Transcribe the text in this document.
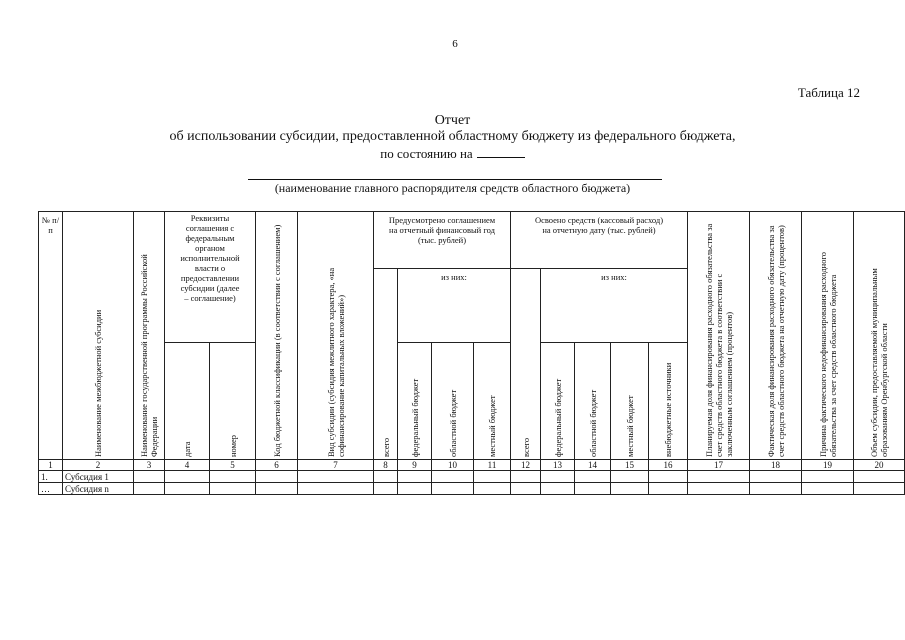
6
Таблица 12
Отчет
об использовании субсидии, предоставленной областному бюджету из федерального бюджета,
по состоянию на
(наименование главного распорядителя средств областного бюджета)
№ п/п	Наименование межбюджетной субсидии	Наименование государственной программы Российской Федерации	Реквизиты соглашения с федеральным органом исполнительной власти о предоставлении субсидии (далее – соглашение)		Код бюджетной классификации (в соответствии с соглашением)	Вид субсидии (субсидия межлитного характера, «на софинансирование капитальных вложений»)	Предусмотрено соглашением на отчетный финансовый год (тыс. рублей)				Освоено средств (кассовый расход) на отчетную дату (тыс. рублей)					Планируемая доля финансирования расходного обязательства за счет средств областного бюджета в соответствии с заключенным соглашением (процентов)	Фактическая доля финансирования расходного обязательства за счет средств областного бюджета на отчетную дату (процентов)	Причина фактического недофинансирования расходного обязательства за счет средств областного бюджета	Объем субсидии, предоставляемой муниципальным образованиям Оренбургской области
							всего	из них:			всего	из них:							

			дата	номер				федеральный бюджет	областной бюджет	местный бюджет		федеральный бюджет	областной бюджет	местный бюджет	внебюджетные источники				
1	2	3	4	5	6	7	8	9	10	11	12	13	14	15	16	17	18	19	20
1.	Субсидия 1																		
…	Субсидия n																		
